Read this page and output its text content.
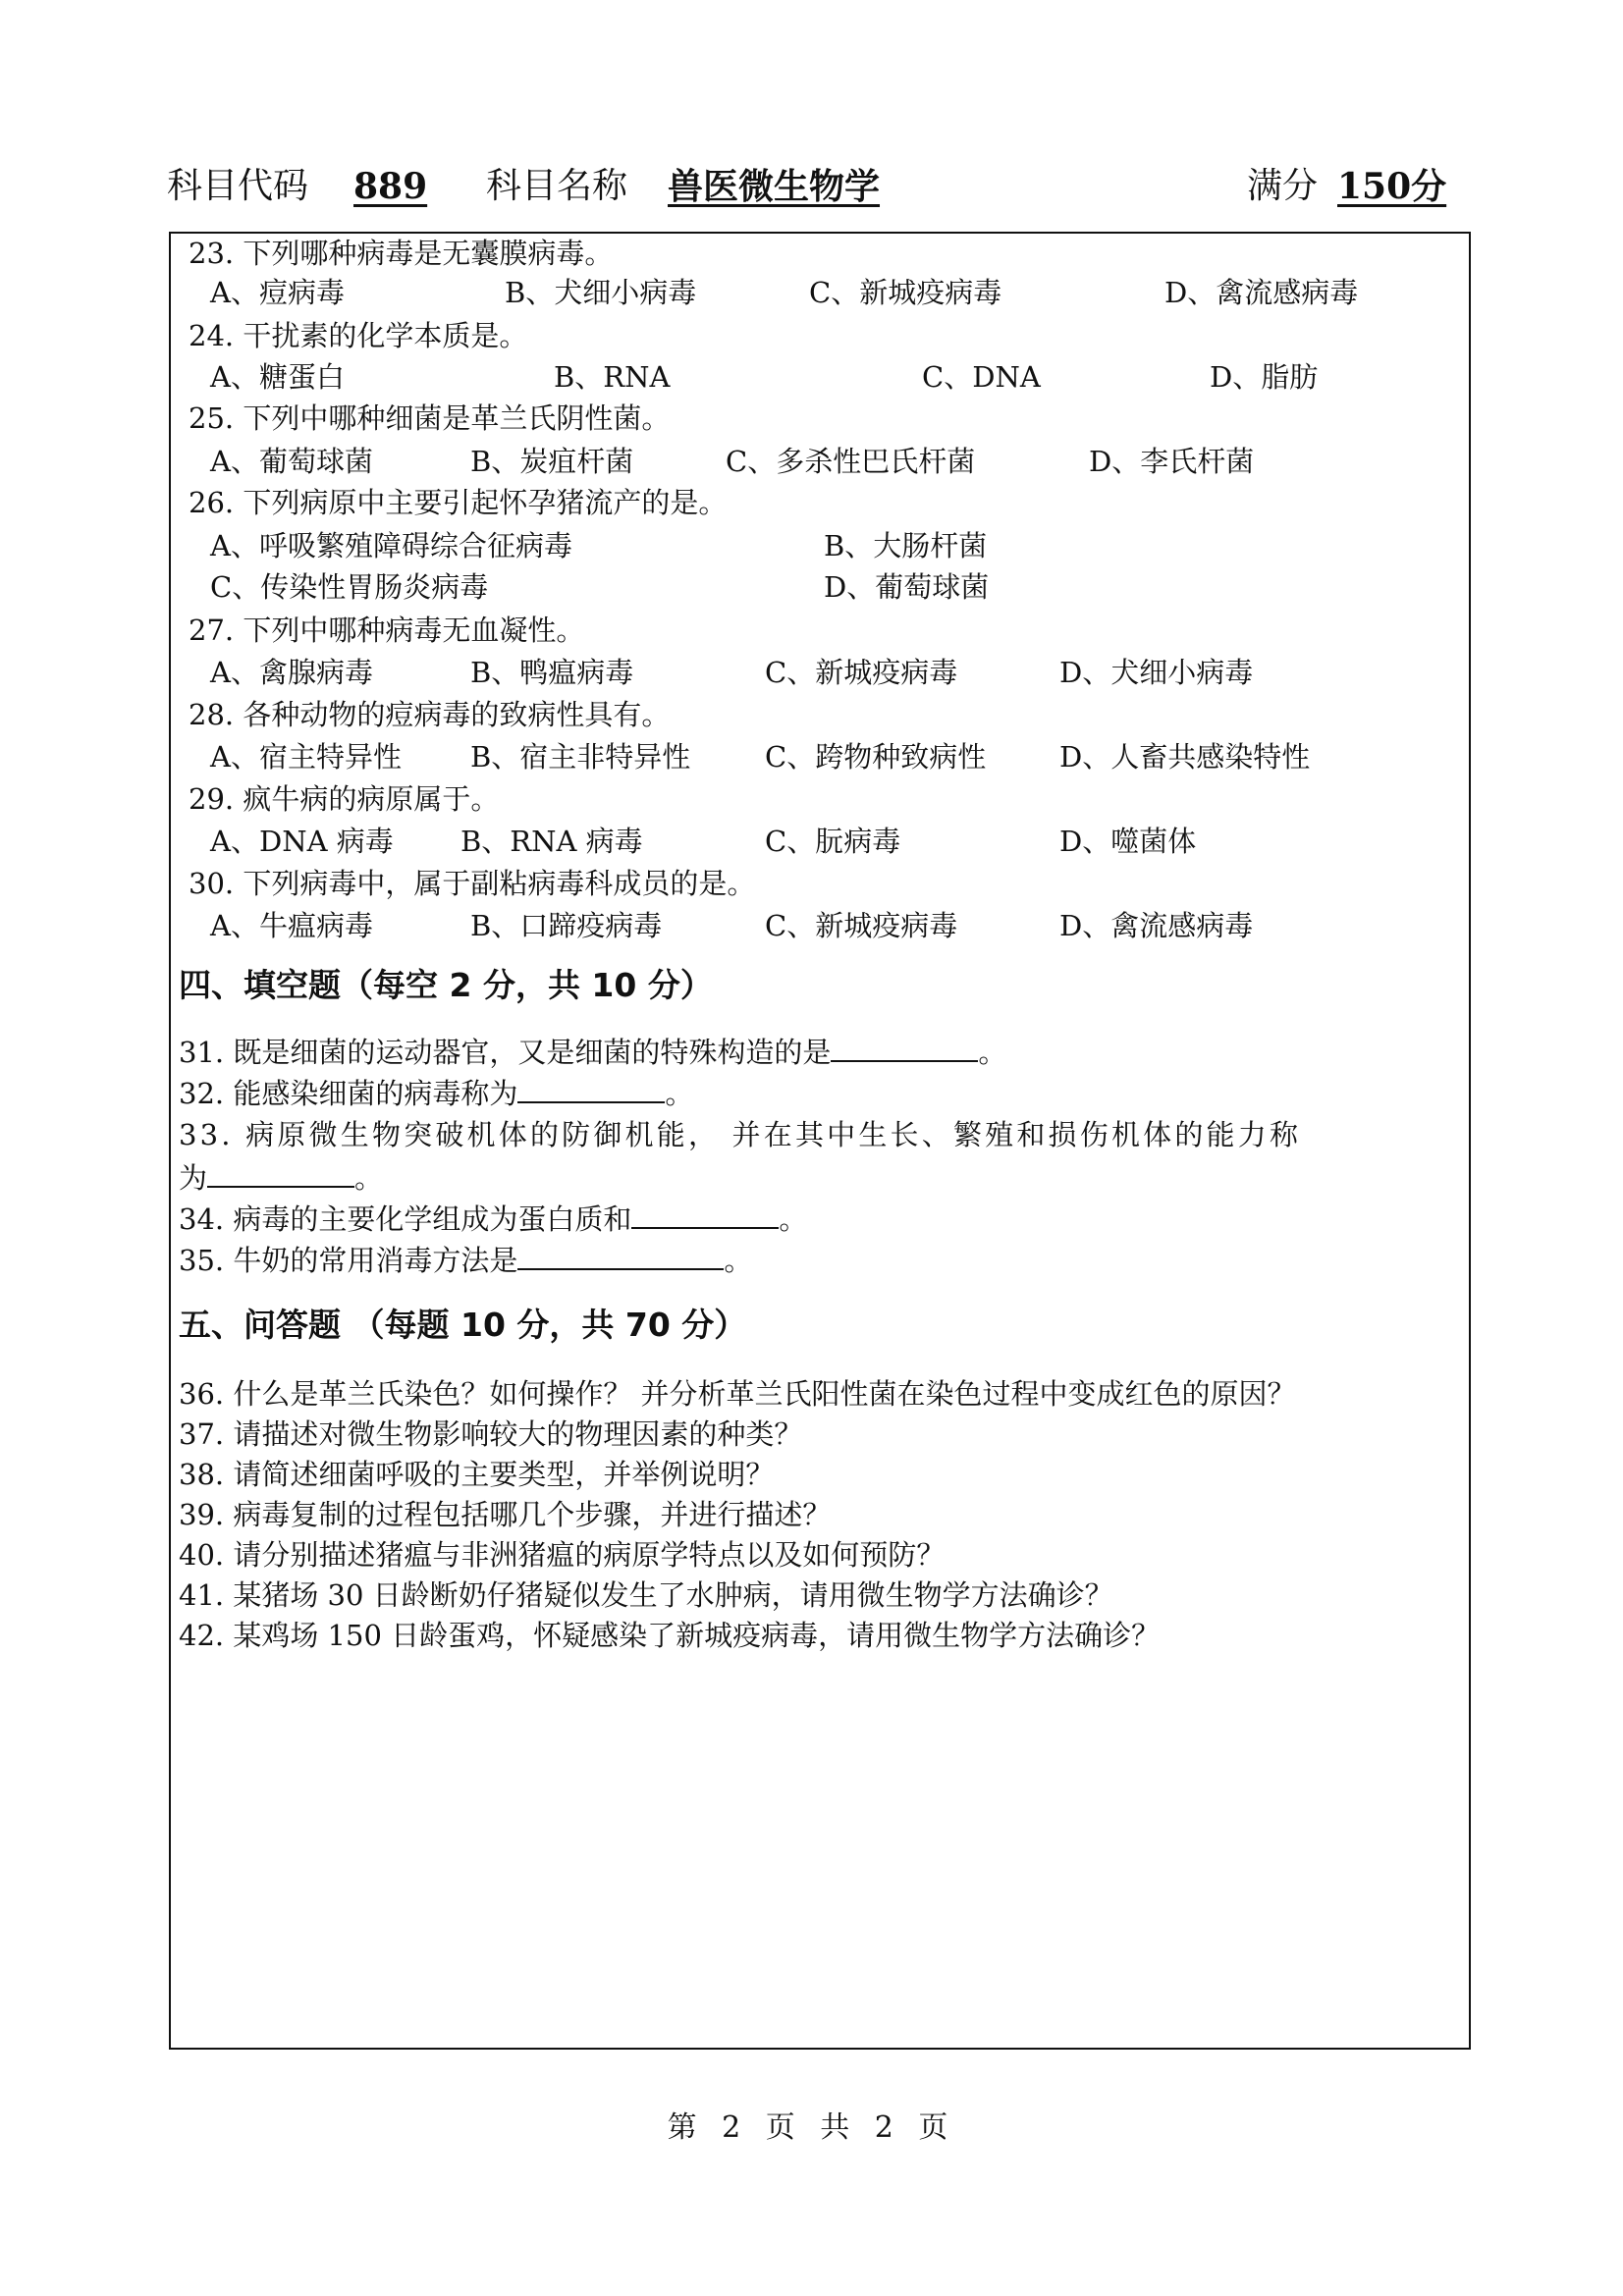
科目代码 889 科目名称 兽医微生物学	满分 150分
23. 下列哪种病毒是无囊膜病毒。
A、痘病毒	B、犬细小病毒	C、新城疫病毒	D、禽流感病毒
24. 干扰素的化学本质是。
A、糖蛋白	B、RNA	C、DNA	D、脂肪
25. 下列中哪种细菌是革兰氏阴性菌。
A、葡萄球菌	B、炭疽杆菌	C、多杀性巴氏杆菌	D、李氏杆菌
26. 下列病原中主要引起怀孕猪流产的是。
A、呼吸繁殖障碍综合征病毒	B、大肠杆菌
C、传染性胃肠炎病毒	D、葡萄球菌
27. 下列中哪种病毒无血凝性。
A、禽腺病毒	B、鸭瘟病毒	C、新城疫病毒	D、犬细小病毒
28. 各种动物的痘病毒的致病性具有。
A、宿主特异性 B、宿主非特异性	C、跨物种致病性	D、人畜共感染特性
29. 疯牛病的病原属于。
A、DNA 病毒 B、RNA 病毒	C、朊病毒	D、噬菌体
30. 下列病毒中，属于副粘病毒科成员的是。
A、牛瘟病毒	B、口蹄疫病毒	C、新城疫病毒	D、禽流感病毒
四、填空题（每空 2 分，共 10 分）
31. 既是细菌的运动器官，又是细菌的特殊构造的是	。
32. 能感染细菌的病毒称为	。
33. 病原微生物突破机体的防御机能， 并在其中生长、繁殖和损伤机体的能力称
为	。
34. 病毒的主要化学组成为蛋白质和	。
35. 牛奶的常用消毒方法是	。
五、问答题 （每题 10 分，共 70 分）
36. 什么是革兰氏染色？如何操作？ 并分析革兰氏阳性菌在染色过程中变成红色的原因？
37. 请描述对微生物影响较大的物理因素的种类？
38. 请简述细菌呼吸的主要类型，并举例说明？
39. 病毒复制的过程包括哪几个步骤，并进行描述？
40. 请分别描述猪瘟与非洲猪瘟的病原学特点以及如何预防？
41. 某猪场 30 日龄断奶仔猪疑似发生了水肿病，请用微生物学方法确诊？
42. 某鸡场 150 日龄蛋鸡，怀疑感染了新城疫病毒，请用微生物学方法确诊？
第 2 页 共 2 页
